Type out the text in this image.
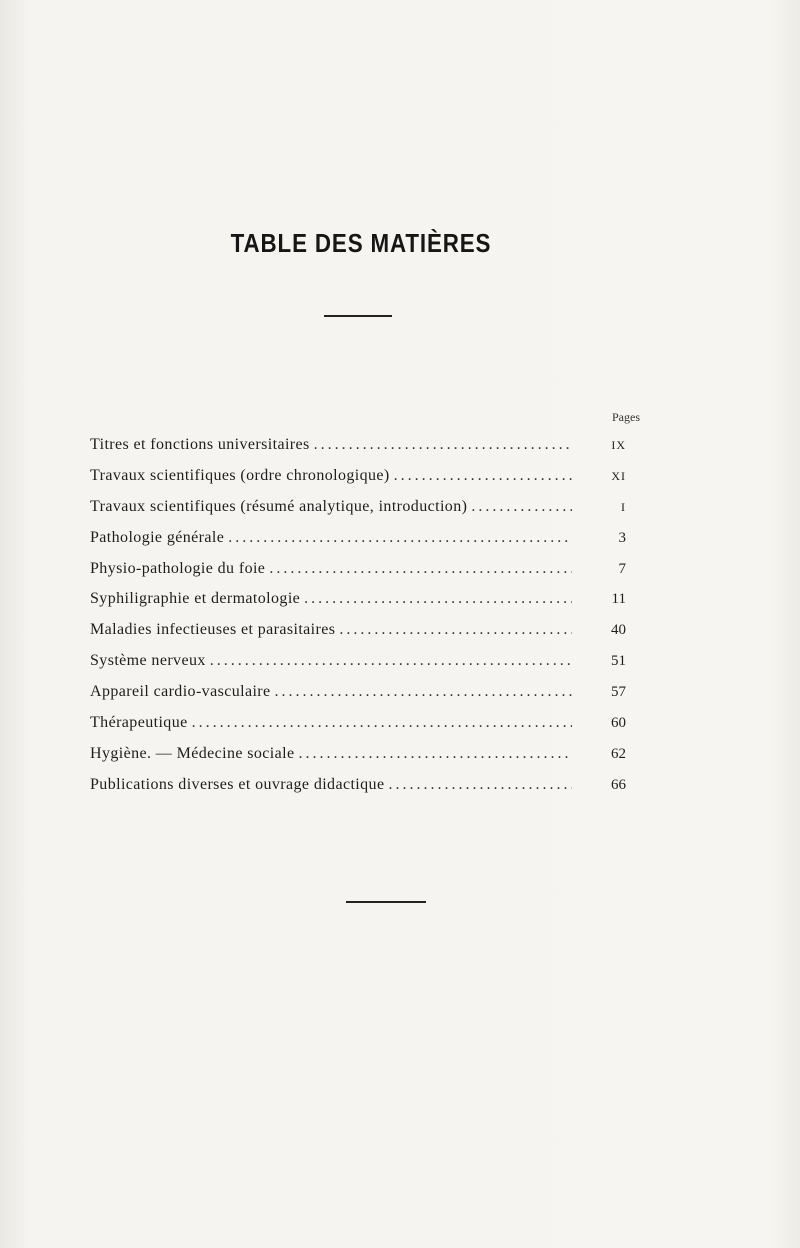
TABLE DES MATIÈRES
Pages
Titres et fonctions universitaires .....	IX
Travaux scientifiques (ordre chronologique) .....	XI
Travaux scientifiques (résumé analytique, introduction) .....	I
Pathologie générale .....	3
Physio-pathologie du foie .....	7
Syphiligraphie et dermatologie .....	11
Maladies infectieuses et parasitaires .....	40
Système nerveux .....	51
Appareil cardio-vasculaire .....	57
Thérapeutique .....	60
Hygiène. — Médecine sociale .....	62
Publications diverses et ouvrage didactique .....	66
